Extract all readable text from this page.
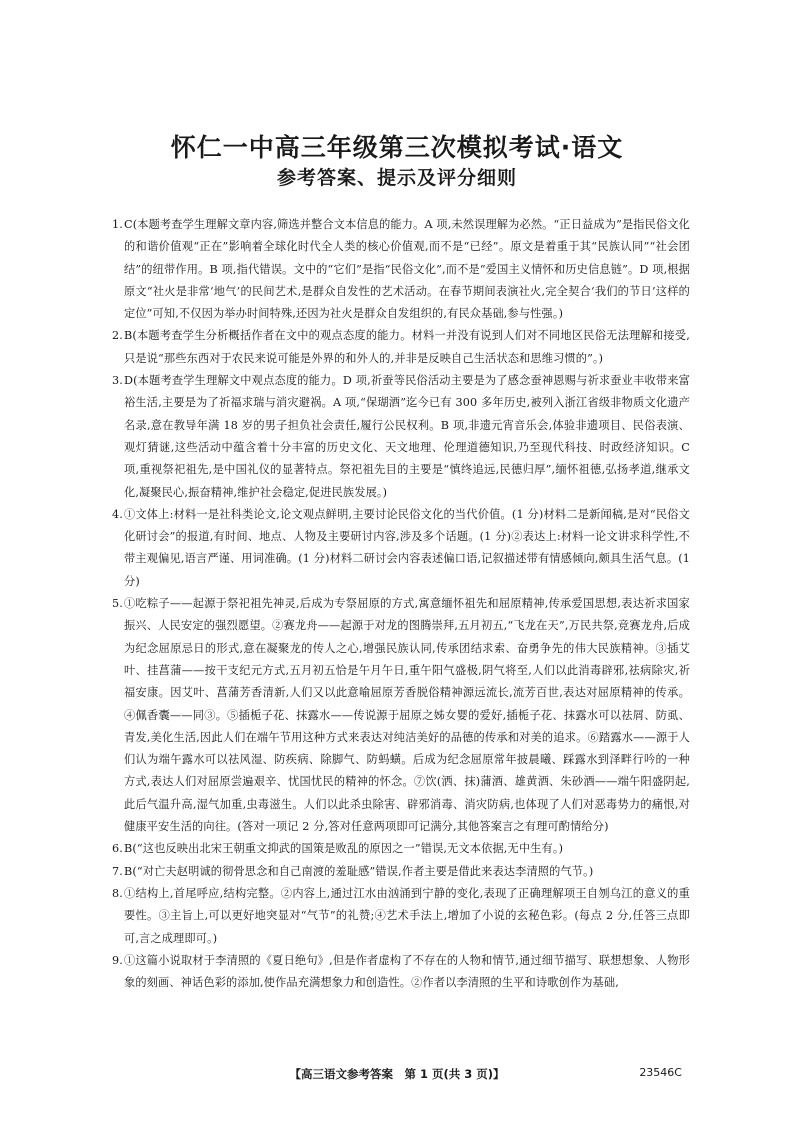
怀仁一中高三年级第三次模拟考试·语文
参考答案、提示及评分细则

1. C(本题考查学生理解文章内容,筛选并整合文本信息的能力。A 项,未然误理解为必然。“正日益成为”是指民俗文化的和谐价值观“正在”影响着全球化时代全人类的核心价值观,而不是“已经”。原文是着重于其“民族认同”“社会团结”的纽带作用。B 项,指代错误。文中的“它们”是指“民俗文化”,而不是“爱国主义情怀和历史信息链”。D 项,根据原文“社火是非常‘地气’的民间艺术,是群众自发性的艺术活动。在春节期间表演社火,完全契合‘我们的节日’这样的定位”可知,不仅因为举办时间特殊,还因为社火是群众自发组织的,有民众基础,参与性强。)

2. B(本题考查学生分析概括作者在文中的观点态度的能力。材料一并没有说到人们对不同地区民俗无法理解和接受,只是说“那些东西对于农民来说可能是外界的和外人的,并非是反映自己生活状态和思维习惯的”。)

3. D(本题考查学生理解文中观点态度的能力。D 项,祈蚕等民俗活动主要是为了感念蚕神恩赐与祈求蚕业丰收带来富裕生活,主要是为了祈福求瑞与消灾避祸。A 项,“保瑚酒”迄今已有 300 多年历史,被列入浙江省级非物质文化遗产名录,意在教导年满 18 岁的男子担负社会责任,履行公民权利。B 项,非遗元宵音乐会,体验非遗项目、民俗表演、观灯猜谜,这些活动中蕴含着十分丰富的历史文化、天文地理、伦理道德知识,乃至现代科技、时政经济知识。C 项,重视祭祀祖先,是中国礼仪的显著特点。祭祀祖先目的主要是“慎终追远,民德归厚”,缅怀祖德,弘扬孝道,继承文化,凝聚民心,振奋精神,维护社会稳定,促进民族发展。)

4. ①文体上:材料一是社科类论文,论文观点鲜明,主要讨论民俗文化的当代价值。(1 分)材料二是新闻稿,是对“民俗文化研讨会”的报道,有时间、地点、人物及主要研讨内容,涉及多个话题。(1 分)②表达上:材料一论文讲求科学性,不带主观偏见,语言严谨、用词准确。(1 分)材料二研讨会内容表述偏口语,记叙描述带有情感倾向,颇具生活气息。(1 分)

5. ①吃粽子——起源于祭祀祖先神灵,后成为专祭屈原的方式,寓意缅怀祖先和屈原精神,传承爱国思想,表达祈求国家振兴、人民安定的强烈愿望。②赛龙舟——起源于对龙的图腾崇拜,五月初五,“飞龙在天”,万民共祭,竞赛龙舟,后成为纪念屈原忌日的形式,意在凝聚龙的传人之心,增强民族认同,传承团结求索、奋勇争先的伟大民族精神。③插艾叶、挂菖蒲——按干支纪元方式,五月初五恰是午月午日,重午阳气盛极,阴气将至,人们以此消毒辟邪,祛病除灾,祈福安康。因艾叶、菖蒲芳香清新,人们又以此意喻屈原芳香脱俗精神源远流长,流芳百世,表达对屈原精神的传承。④佩香囊——同③。⑤插栀子花、抹露水——传说源于屈原之姊女婴的爱好,插栀子花、抹露水可以祛屑、防虱、青发,美化生活,因此人们在端午节用这种方式来表达对纯洁美好的品德的传承和对美的追求。⑥踏露水——源于人们认为端午露水可以祛风湿、防疾病、除脚气、防蚂蟥。后成为纪念屈原常年披晨曦、踩露水到泽畔行吟的一种方式,表达人们对屈原尝遍艰辛、忧国忧民的精神的怀念。⑦饮(洒、抹)蒲酒、雄黄酒、朱砂酒——端午阳盛阴起,此后气温升高,湿气加重,虫毒滋生。人们以此杀虫除害、辟邪消毒、消灾防病,也体现了人们对恶毒势力的痛恨,对健康平安生活的向往。(答对一项记 2 分,答对任意两项即可记满分,其他答案言之有理可酌情给分)

6. B(“这也反映出北宋王朝重文抑武的国策是败乱的原因之一”错误,无文本依据,无中生有。)

7. B(“对亡夫赵明诚的彻骨思念和自己南渡的羞耻感”错误,作者主要是借此来表达李清照的气节。)

8. ①结构上,首尾呼应,结构完整。②内容上,通过江水由汹涌到宁静的变化,表现了正确理解项王自刎乌江的意义的重要性。③主旨上,可以更好地突显对“气节”的礼赞;④艺术手法上,增加了小说的玄秘色彩。(每点 2 分,任答三点即可,言之成理即可。)

9. ①这篇小说取材于李清照的《夏日绝句》,但是作者虚构了不存在的人物和情节,通过细节描写、联想想象、人物形象的刻画、神话色彩的添加,使作品充满想象力和创造性。②作者以李清照的生平和诗歌创作为基础,

【高三语文参考答案　第 1 页(共 3 页)】	23546C
